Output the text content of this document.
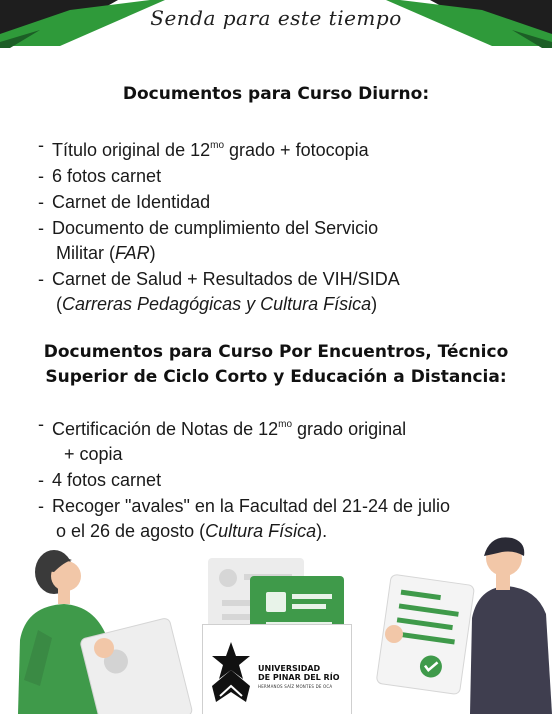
Senda para este tiempo
Documentos para Curso Diurno:
- Título original de $12^{mo}$ grado + fotocopia
- 6 fotos carnet
- Carnet de Identidad
- Documento de cumplimiento del Servicio
Militar (FAR)
- Carnet de Salud + Resultados de VIH/SIDA
(Carreras Pedagógicas y Cultura Física)
Documentos para Curso Por Encuentros, Técnico
Superior de Ciclo Corto y Educación a Distancia:
- Certificación de Notas de $12^{mo}$ grado original
+ copia
- 4 fotos carnet
- Recoger "avales" en la Facultad del 21-24 de julio
o el 26 de agosto (Cultura Física).
UNIVERSIDAD
DE PINAR DEL RÍO
HERMANOS SAÍZ MONTES DE OCA
